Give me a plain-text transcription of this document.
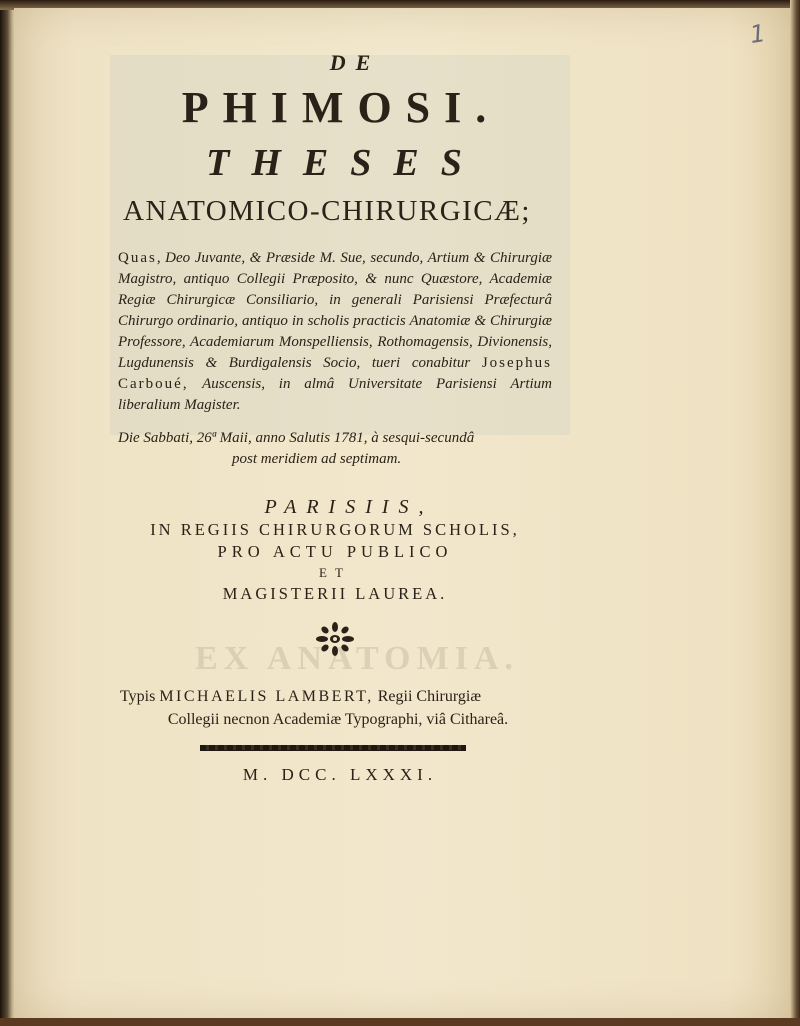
1

DE

PHIMOSI.

THESES

ANATOMICO-CHIRURGICÆ;

Quas, Deo Juvante, & Præside M. Sue, secundo, Artium & Chirurgiæ Magistro, antiquo Collegii Præposito, & nunc Quæstore, Academiæ Regiæ Chirurgicæ Consiliario, in generali Parisiensi Præfecturâ Chirurgo ordinario, antiquo in scholis practicis Anatomiæ & Chirurgiæ Professore, Academiarum Monspelliensis, Rothomagensis, Divionensis, Lugdunensis & Burdigalensis Socio, tueri conabitur Josephus Carboué, Auscensis, in almâ Universitate Parisiensi Artium liberalium Magister.

Die Sabbati, 26ª Maii, anno Salutis 1781, à sesqui-secundâ
post meridiem ad septimam.

PARISIIS,

IN REGIIS CHIRURGORUM SCHOLIS,

PRO ACTU PUBLICO

ET

MAGISTERII LAUREA.

Typis MICHAELIS LAMBERT, Regii Chirurgiæ

Collegii necnon Academiæ Typographi, viâ Cithareâ.

M. DCC. LXXXI.
